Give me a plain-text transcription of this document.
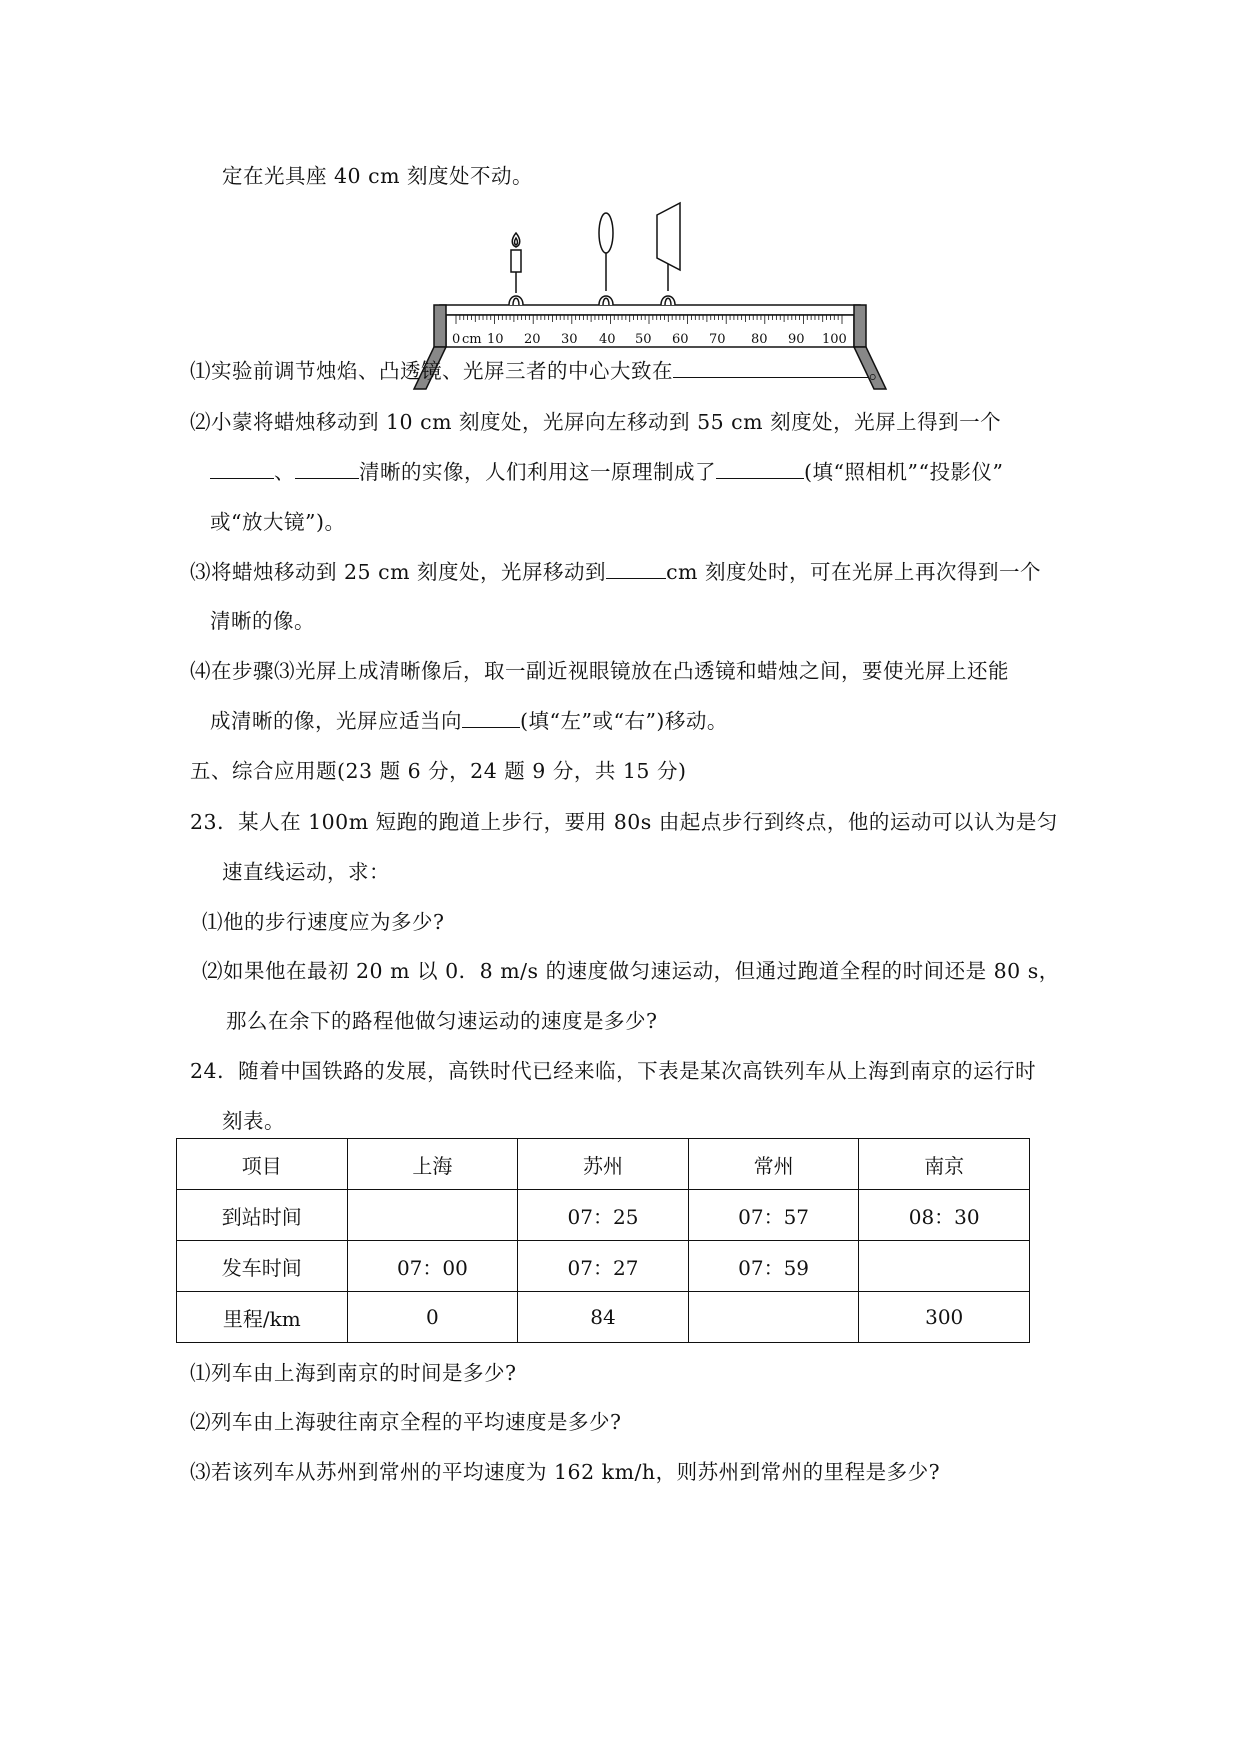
定在光具座 40 cm 刻度处不动。
0 cm 10 20 30 40 50 60 70 80 90 100
⑴实验前调节烛焰、凸透镜、光屏三者的中心大致在	。
⑵小蒙将蜡烛移动到 10 cm 刻度处，光屏向左移动到 55 cm 刻度处，光屏上得到一个
、	清晰的实像，人们利用这一原理制成了	(填“照相机”“投影仪”
或“放大镜”)。
⑶将蜡烛移动到 25 cm 刻度处，光屏移动到	cm 刻度处时，可在光屏上再次得到一个
清晰的像。
⑷在步骤⑶光屏上成清晰像后，取一副近视眼镜放在凸透镜和蜡烛之间，要使光屏上还能
成清晰的像，光屏应适当向	(填“左”或“右”)移动。
五、综合应用题(23 题 6 分，24 题 9 分，共 15 分)
23．某人在 100m 短跑的跑道上步行，要用 80s 由起点步行到终点，他的运动可以认为是匀
速直线运动，求：
⑴他的步行速度应为多少?
⑵如果他在最初 20 m 以 0．8 m/s 的速度做匀速运动，但通过跑道全程的时间还是 80 s，
那么在余下的路程他做匀速运动的速度是多少?
24．随着中国铁路的发展，高铁时代已经来临，下表是某次高铁列车从上海到南京的运行时
刻表。
项目	上海	苏州	常州	南京
到站时间		07：25	07：57	08：30
发车时间	07：00	07：27	07：59	
里程/km	0	84		300
⑴列车由上海到南京的时间是多少?
⑵列车由上海驶往南京全程的平均速度是多少?
⑶若该列车从苏州到常州的平均速度为 162 km/h，则苏州到常州的里程是多少?
